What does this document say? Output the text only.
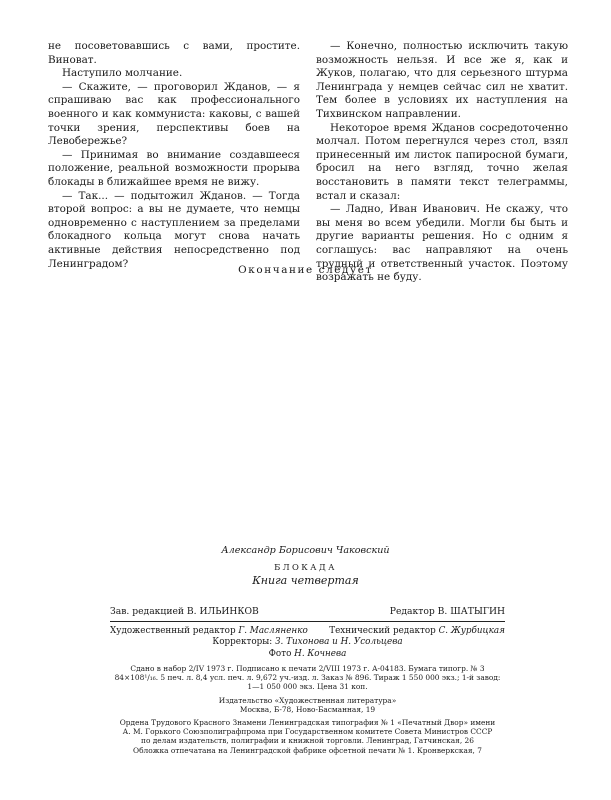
не посоветовавшись с вами, простите. Виноват.

Наступило молчание.

— Скажите, — проговорил Жданов, — я спрашиваю вас как профессионального военного и как коммуниста: каковы, с вашей точки зрения, перспективы боев на Левобережье?

— Принимая во внимание создавшееся положение, реальной возможности прорыва блокады в ближайшее время не вижу.

— Так... — подытожил Жданов. — Тогда второй вопрос: а вы не думаете, что немцы одновременно с наступлением за пределами блокадного кольца могут снова начать активные действия непосредственно под Ленинградом?

— Конечно, полностью исключить такую возможность нельзя. И все же я, как и Жуков, полагаю, что для серьезного штурма Ленинграда у немцев сейчас сил не хватит. Тем более в условиях их наступления на Тихвинском направлении.

Некоторое время Жданов сосредоточенно молчал. Потом перегнулся через стол, взял принесенный им листок папиросной бумаги, бросил на него взгляд, точно желая восстановить в памяти текст телеграммы, встал и сказал:

— Ладно, Иван Иванович. Не скажу, что вы меня во всем убедили. Могли бы быть и другие варианты решения. Но с одним я соглашусь: вас направляют на очень трудный и ответственный участок. Поэтому возражать не буду.

Окончание следует
Александр Борисович Чаковский
БЛОКАДА
Книга четвертая
Зав. редакцией В. ИЛЬИНКОВ	Редактор В. ШАТЫГИН
Художественный редактор Г. Масляненко Технический редактор С. Журбицкая
Корректоры: З. Тихонова и Н. Усольцева
Фото Н. Кочнева
Сдано в набор 2/IV 1973 г. Подписано к печати 2/VIII 1973 г. А-04183. Бумага типогр. № 3
84×108¹/₁₆. 5 печ. л. 8,4 усл. печ. л. 9,672 уч.-изд. л. Заказ № 896. Тираж 1 550 000 экз.; 1-й завод:
1—1 050 000 экз. Цена 31 коп.
Издательство «Художественная литература»
Москва, Б-78, Ново-Басманная, 19
Ордена Трудового Красного Знамени Ленинградская типография № 1 «Печатный Двор» имени
А. М. Горького Союзполиграфпрома при Государственном комитете Совета Министров СССР
по делам издательств, полиграфии и книжной торговли. Ленинград, Гатчинская, 26
Обложка отпечатана на Ленинградской фабрике офсетной печати № 1. Кронверкская, 7
